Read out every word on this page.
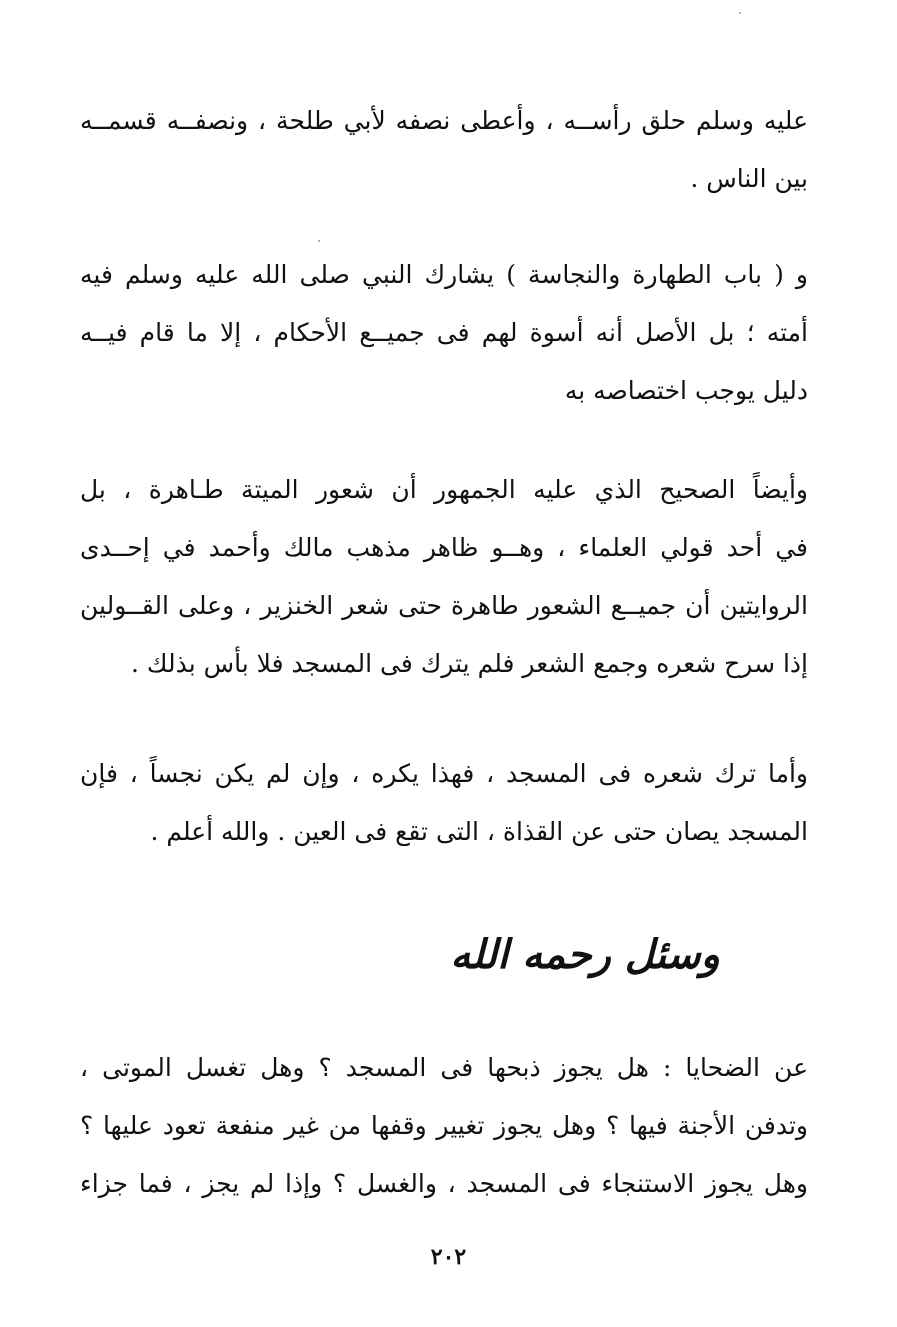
عليه وسلم حلق رأســه ، وأعطى نصفه لأبي طلحة ، ونصفــه قسمــه
بين الناس .
و ( باب الطهارة والنجاسة ) يشارك النبي صلى الله عليه وسلم فيه
أمته ؛ بل الأصل أنه أسوة لهم فى جميــع الأحكام ، إلا ما قام فيــه
دليل يوجب اختصاصه به
وأيضاً الصحيح الذي عليه الجمهور أن شعور الميتة طـاهرة ، بل
في أحد قولي العلماء ، وهــو ظاهر مذهب مالك وأحمد في إحــدى
الروايتين أن جميــع الشعور طاهرة حتى شعر الخنزير ، وعلى القــولين
إذا سرح شعره وجمع الشعر فلم يترك فى المسجد فلا بأس بذلك .
وأما ترك شعره فى المسجد ، فهذا يكره ، وإن لم يكن نجساً ، فإن
المسجد يصان حتى عن القذاة ، التى تقع فى العين . والله أعلم .
وسئل رحمه الله
عن الضحايا : هل يجوز ذبحها فى المسجد ؟ وهل تغسل الموتى ،
وتدفن الأجنة فيها ؟ وهل يجوز تغيير وقفها من غير منفعة تعود عليها ؟
وهل يجوز الاستنجاء فى المسجد ، والغسل ؟ وإذا لم يجز ، فما جزاء
٢٠٢
